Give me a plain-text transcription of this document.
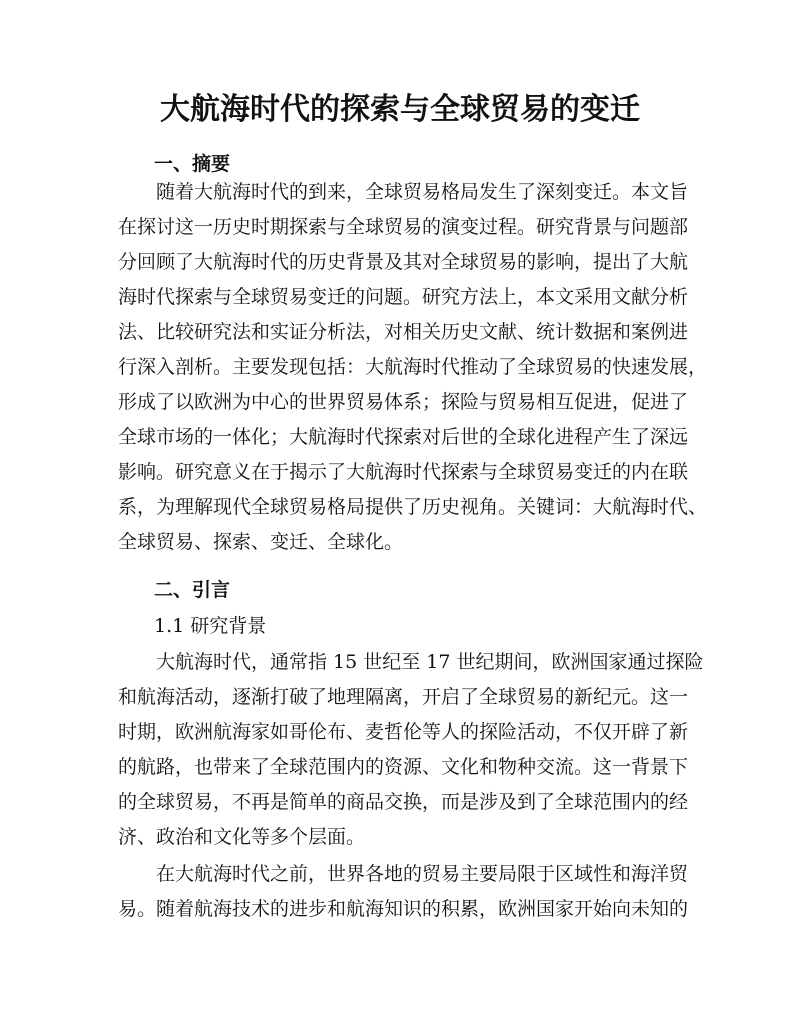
大航海时代的探索与全球贸易的变迁
一、摘要
随着大航海时代的到来，全球贸易格局发生了深刻变迁。本文旨
在探讨这一历史时期探索与全球贸易的演变过程。研究背景与问题部
分回顾了大航海时代的历史背景及其对全球贸易的影响，提出了大航
海时代探索与全球贸易变迁的问题。研究方法上，本文采用文献分析
法、比较研究法和实证分析法，对相关历史文献、统计数据和案例进
行深入剖析。主要发现包括：大航海时代推动了全球贸易的快速发展，
形成了以欧洲为中心的世界贸易体系；探险与贸易相互促进，促进了
全球市场的一体化；大航海时代探索对后世的全球化进程产生了深远
影响。研究意义在于揭示了大航海时代探索与全球贸易变迁的内在联
系，为理解现代全球贸易格局提供了历史视角。关键词：大航海时代、
全球贸易、探索、变迁、全球化。
二、引言
1.1 研究背景
大航海时代，通常指 15 世纪至 17 世纪期间，欧洲国家通过探险
和航海活动，逐渐打破了地理隔离，开启了全球贸易的新纪元。这一
时期，欧洲航海家如哥伦布、麦哲伦等人的探险活动，不仅开辟了新
的航路，也带来了全球范围内的资源、文化和物种交流。这一背景下
的全球贸易，不再是简单的商品交换，而是涉及到了全球范围内的经
济、政治和文化等多个层面。
在大航海时代之前，世界各地的贸易主要局限于区域性和海洋贸
易。随着航海技术的进步和航海知识的积累，欧洲国家开始向未知的
